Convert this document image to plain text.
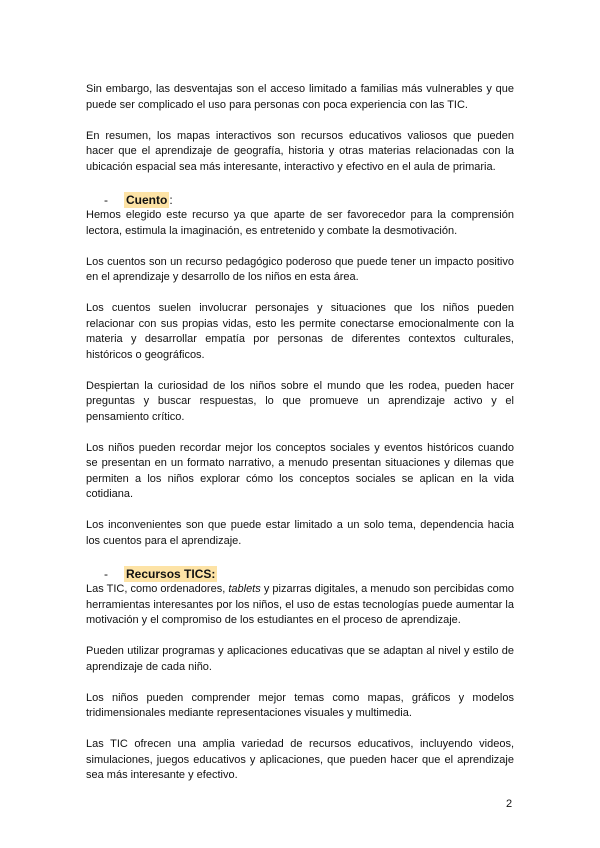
Sin embargo, las desventajas son el acceso limitado a familias más vulnerables y que puede ser complicado el uso para personas con poca experiencia con las TIC.

En resumen, los mapas interactivos son recursos educativos valiosos que pueden hacer que el aprendizaje de geografía, historia y otras materias relacionadas con la ubicación espacial sea más interesante, interactivo y efectivo en el aula de primaria.

-	Cuento :

Hemos elegido este recurso ya que aparte de ser favorecedor para la comprensión lectora, estimula la imaginación, es entretenido y combate la desmotivación.

Los cuentos son un recurso pedagógico poderoso que puede tener un impacto positivo en el aprendizaje y desarrollo de los niños en esta área.

Los cuentos suelen involucrar personajes y situaciones que los niños pueden relacionar con sus propias vidas, esto les permite conectarse emocionalmente con la materia y desarrollar empatía por personas de diferentes contextos culturales, históricos o geográficos.

Despiertan la curiosidad de los niños sobre el mundo que les rodea, pueden hacer preguntas y buscar respuestas, lo que promueve un aprendizaje activo y el pensamiento crítico.

Los niños pueden recordar mejor los conceptos sociales y eventos históricos cuando se presentan en un formato narrativo, a menudo presentan situaciones y dilemas que permiten a los niños explorar cómo los conceptos sociales se aplican en la vida cotidiana.

Los inconvenientes son que puede estar limitado a un solo tema, dependencia hacia los cuentos para el aprendizaje.

-	Recursos TICS:

Las TIC, como ordenadores, tablets y pizarras digitales, a menudo son percibidas como herramientas interesantes por los niños, el uso de estas tecnologías puede aumentar la motivación y el compromiso de los estudiantes en el proceso de aprendizaje.

Pueden utilizar programas y aplicaciones educativas que se adaptan al nivel y estilo de aprendizaje de cada niño.

Los niños pueden comprender mejor temas como mapas, gráficos y modelos tridimensionales mediante representaciones visuales y multimedia.

Las TIC ofrecen una amplia variedad de recursos educativos, incluyendo videos, simulaciones, juegos educativos y aplicaciones, que pueden hacer que el aprendizaje sea más interesante y efectivo.

2
